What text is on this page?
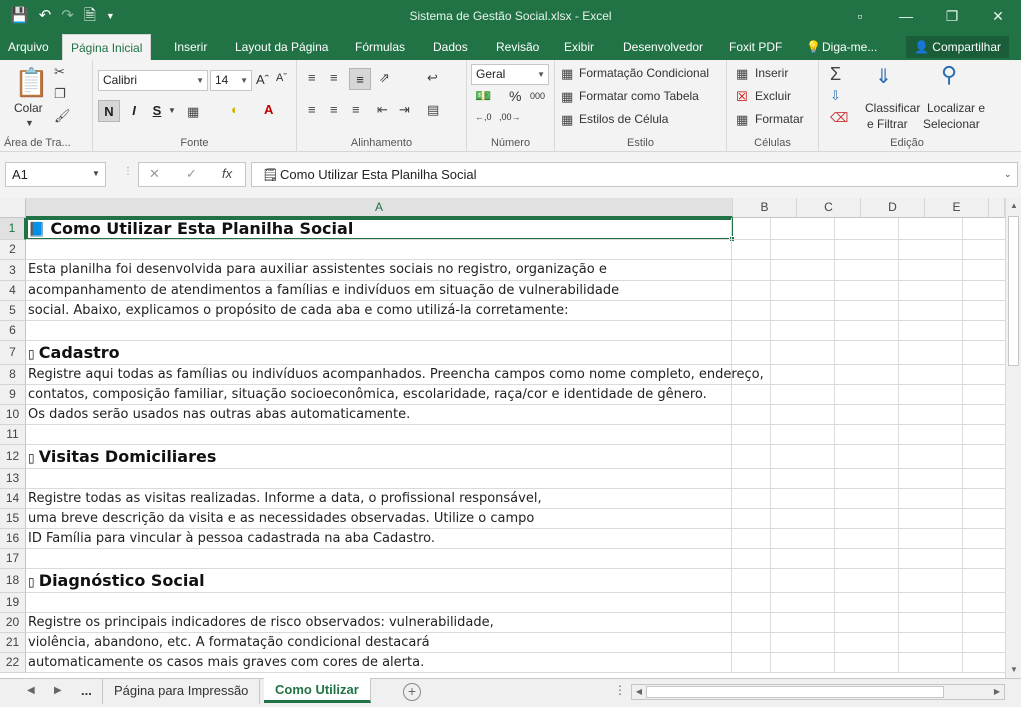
💾 ↶ ↷ 🗎 ▼	Sistema de Gestão Social.xlsx - Excel	▫	—	❐	✕
Arquivo	Página Inicial	Inserir	Layout da Página	Fórmulas	Dados	Revisão	Exibir	Desenvolvedor	Foxit PDF	💡 Diga-me...	👤 Compartilhar
📋
Colar
▼
✂
❐
🖌
Área de Tra...
Calibri	▼ 14 ▼ Aˆ Aˇ
N	I	S ▼ ▦ ◐ A
Fonte
≡ ≡	≡	⇗	↩
≡ ≡ ≡ ⇤ ⇥ ▤
Alinhamento
Geral	▼
💵 % 000
←,0 ,00→
Número
▦ Formatação Condicional
▦ Formatar como Tabela
▦ Estilos de Célula
Estilo
▦ Inserir
☒ Excluir
▦ Formatar
Células
Σ
⇩
⌫
⇓
Classificar
e Filtrar
⚲
Localizar e
Selecionar
Edição
A1	▼ ⋮ ✕ ✓ fx 🗒 Como Utilizar Esta Planilha Social	⌄
A	B	C	D	E
1 📘 Como Utilizar Esta Planilha Social
2
3 Esta planilha foi desenvolvida para auxiliar assistentes sociais no registro, organização e
4 acompanhamento de atendimentos a famílias e indivíduos em situação de vulnerabilidade
5 social. Abaixo, explicamos o propósito de cada aba e como utilizá-la corretamente:
6
7	▯ Cadastro
8 Registre aqui todas as famílias ou indivíduos acompanhados. Preencha campos como nome completo, endereço,
9 contatos, composição familiar, situação socioeconômica, escolaridade, raça/cor e identidade de gênero.
10 Os dados serão usados nas outras abas automaticamente.
11
12 ▯ Visitas Domiciliares
13
14 Registre todas as visitas realizadas. Informe a data, o profissional responsável,
15 uma breve descrição da visita e as necessidades observadas. Utilize o campo
16 ID Família para vincular à pessoa cadastrada na aba Cadastro.
17
18 ▯ Diagnóstico Social
19
20 Registre os principais indicadores de risco observados: vulnerabilidade,
21 violência, abandono, etc. A formatação condicional destacará
22 automaticamente os casos mais graves com cores de alerta.
▲
▼
◀ ▶	...	Página para Impressão	Como Utilizar	+	⋮	◀	▶
